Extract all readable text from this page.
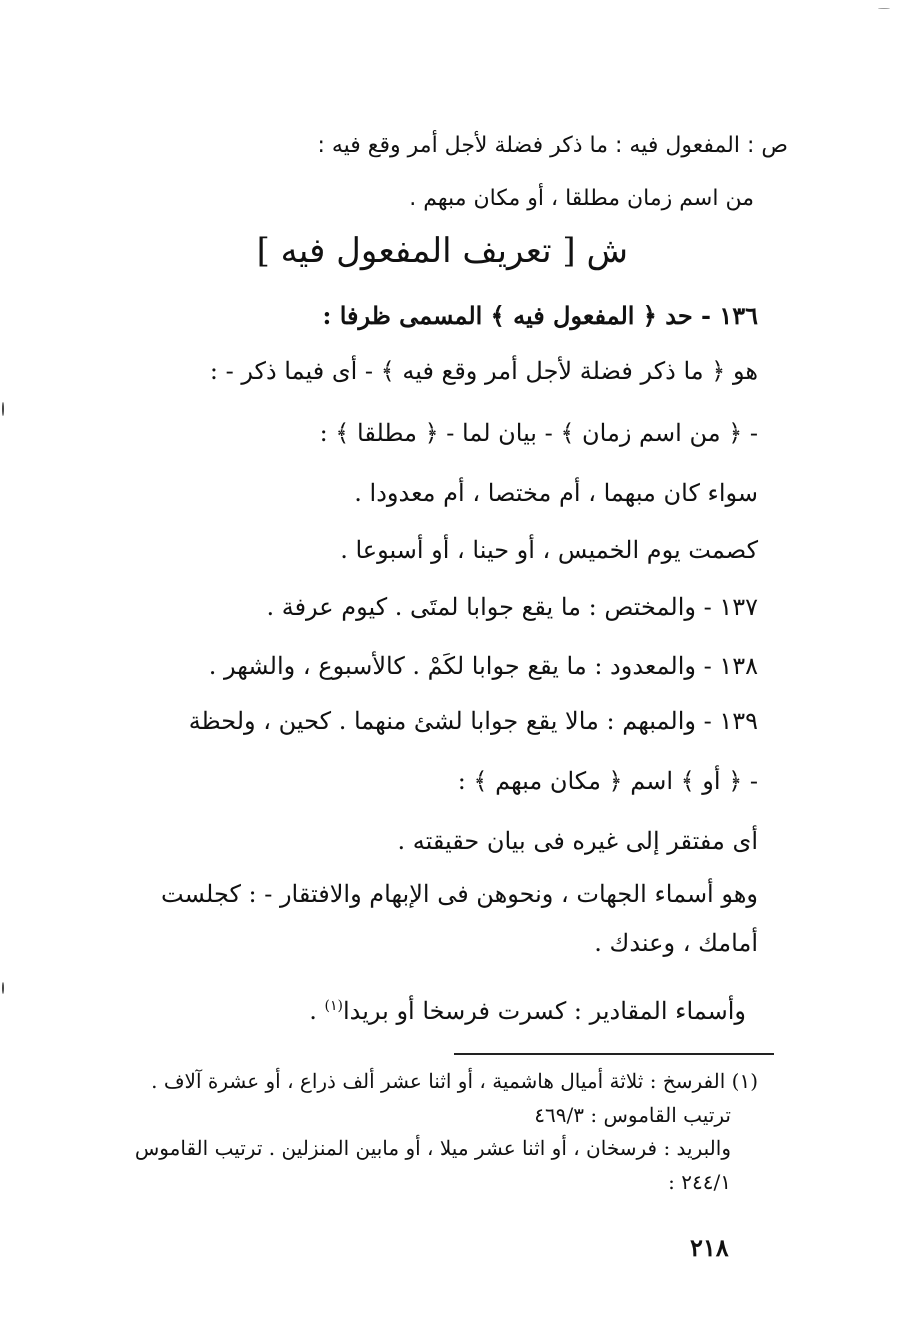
ص : المفعول فيه : ما ذكر فضلة لأجل أمر وقع فيه :
من اسم زمان مطلقا ، أو مكان مبهم .
ش [ تعريف المفعول فيه ]
١٣٦ - حد ﴿ المفعول فيه ﴾ المسمى ظرفا :
هو ﴿ ما ذكر فضلة لأجل أمر وقع فيه ﴾ - أى فيما ذكر - :
- ﴿ من اسم زمان ﴾ - بيان لما - ﴿ مطلقا ﴾ :
سواء كان مبهما ، أم مختصا ، أم معدودا .
كصمت يوم الخميس ، أو حينا ، أو أسبوعا .
١٣٧ - والمختص : ما يقع جوابا لمتَى . كيوم عرفة .
١٣٨ - والمعدود : ما يقع جوابا لكَمْ . كالأسبوع ، والشهر .
١٣٩ - والمبهم : مالا يقع جوابا لشئ منهما . كحين ، ولحظة
- ﴿ أو ﴾ اسم ﴿ مكان مبهم ﴾ :
أى مفتقر إلى غيره فى بيان حقيقته .
وهو أسماء الجهات ، ونحوهن فى الإبهام والافتقار - : كجلست
أمامك ، وعندك .
وأسماء المقادير : كسرت فرسخا أو بريدا$^{(١)}$ .
(١) الفرسخ : ثلاثة أميال هاشمية ، أو اثنا عشر ألف ذراع ، أو عشرة آلاف .
ترتيب القاموس : ٤٦٩/٣
والبريد : فرسخان ، أو اثنا عشر ميلا ، أو مابين المنزلين . ترتيب القاموس
٢٤٤/١ :
٢١٨
